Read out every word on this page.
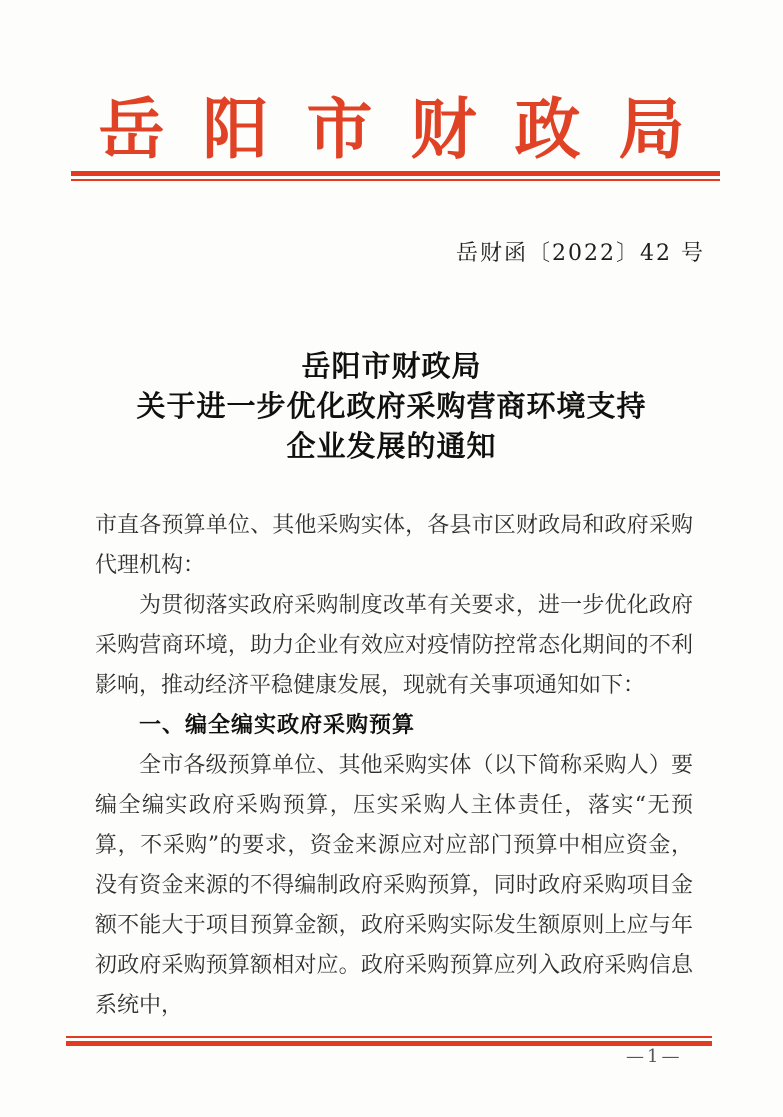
岳阳市财政局
岳财函〔2022〕42 号
岳阳市财政局
关于进一步优化政府采购营商环境支持
企业发展的通知

市直各预算单位、其他采购实体，各县市区财政局和政府采购代理机构：

为贯彻落实政府采购制度改革有关要求，进一步优化政府采购营商环境，助力企业有效应对疫情防控常态化期间的不利影响，推动经济平稳健康发展，现就有关事项通知如下：

一、编全编实政府采购预算

全市各级预算单位、其他采购实体（以下简称采购人）要编全编实政府采购预算，压实采购人主体责任，落实“无预算，不采购”的要求，资金来源应对应部门预算中相应资金，没有资金来源的不得编制政府采购预算，同时政府采购项目金额不能大于项目预算金额，政府采购实际发生额原则上应与年初政府采购预算额相对应。政府采购预算应列入政府采购信息系统中，

—1—
